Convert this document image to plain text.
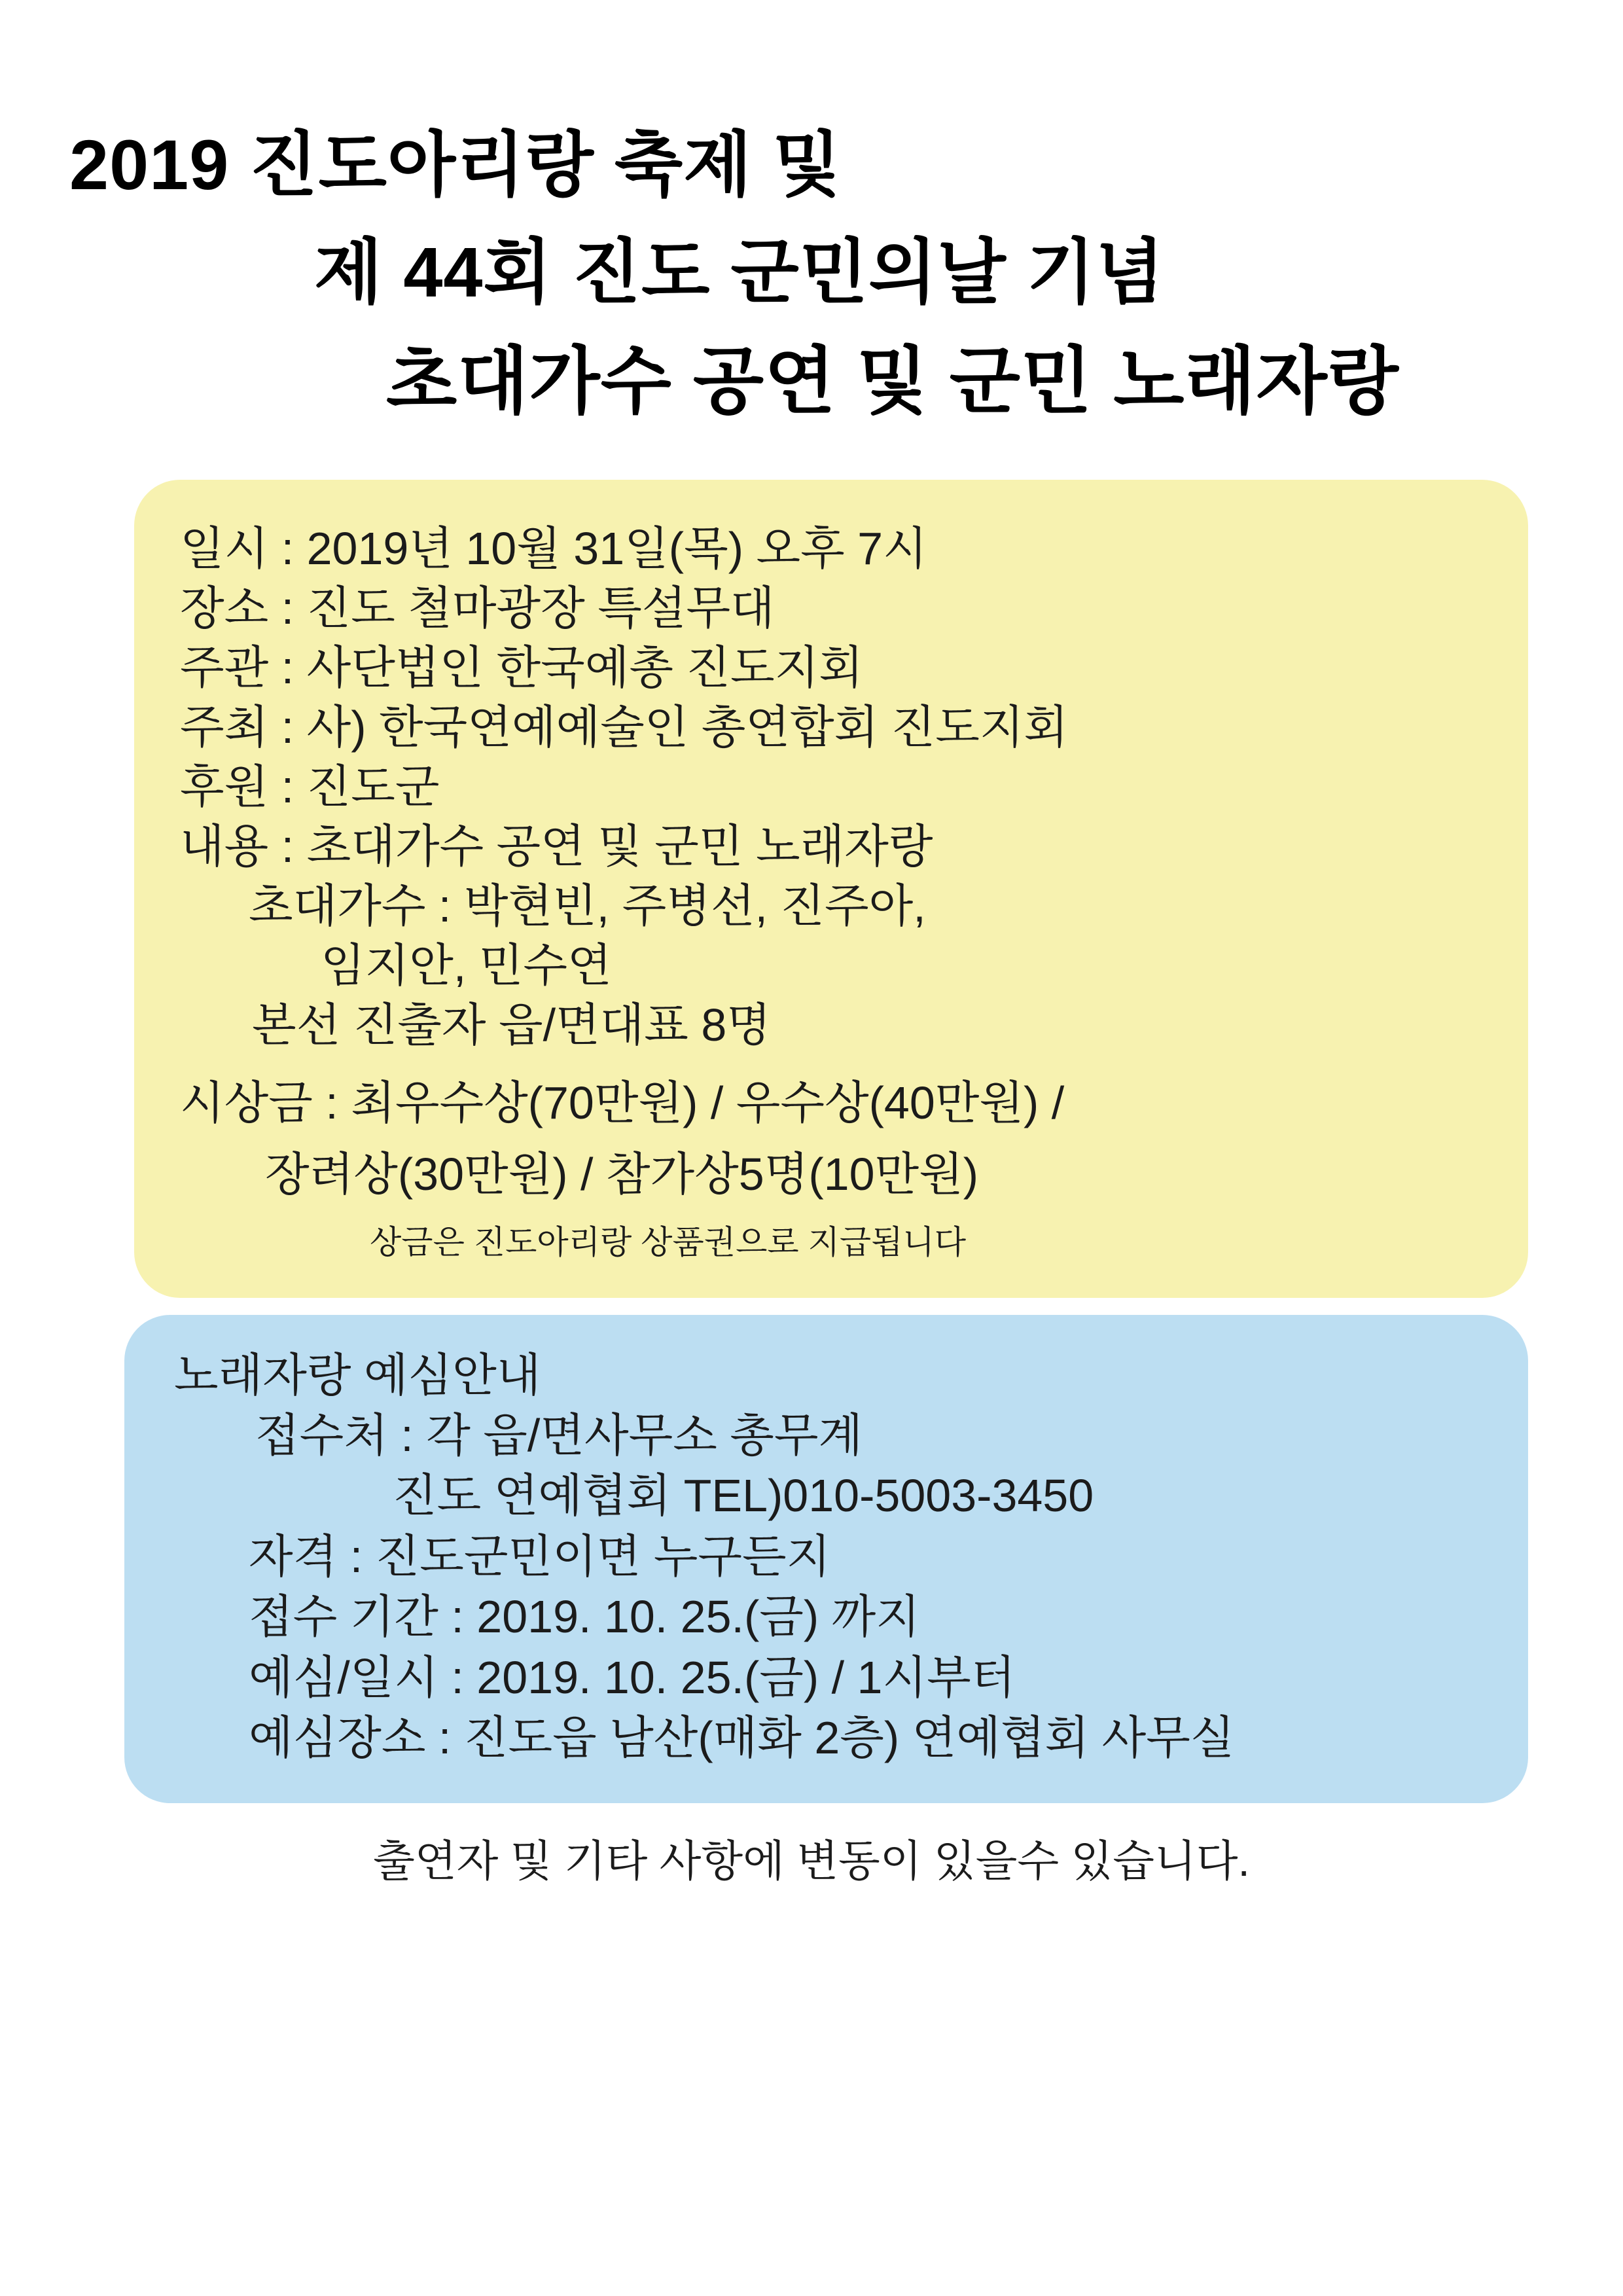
2019 진도아리랑 축제 및
제 44회 진도 군민의날 기념
초대가수 공연 및 군민 노래자랑
일시 : 2019년 10월 31일(목) 오후 7시
장소 : 진도 철마광장 특설무대
주관 : 사단법인 한국예총 진도지회
주최 : 사) 한국연예예술인 총연합회 진도지회
후원 : 진도군
내용 : 초대가수 공연 및 군민 노래자랑
초대가수 : 박현빈, 주병선, 진주아,
임지안, 민수연
본선 진출자 읍/면대표 8명
시상금 : 최우수상(70만원) / 우수상(40만원) /
장려상(30만원) / 참가상5명(10만원)
상금은 진도아리랑 상품권으로 지급됩니다
노래자랑 예심안내
접수처 : 각 읍/면사무소 총무계
진도 연예협회 TEL)010-5003-3450
자격 : 진도군민이면 누구든지
접수 기간 : 2019. 10. 25.(금) 까지
예심/일시 : 2019. 10. 25.(금) / 1시부터
예심장소 : 진도읍 남산(매화 2층) 연예협회 사무실
출연자 및 기타 사항에 변동이 있을수 있습니다.
